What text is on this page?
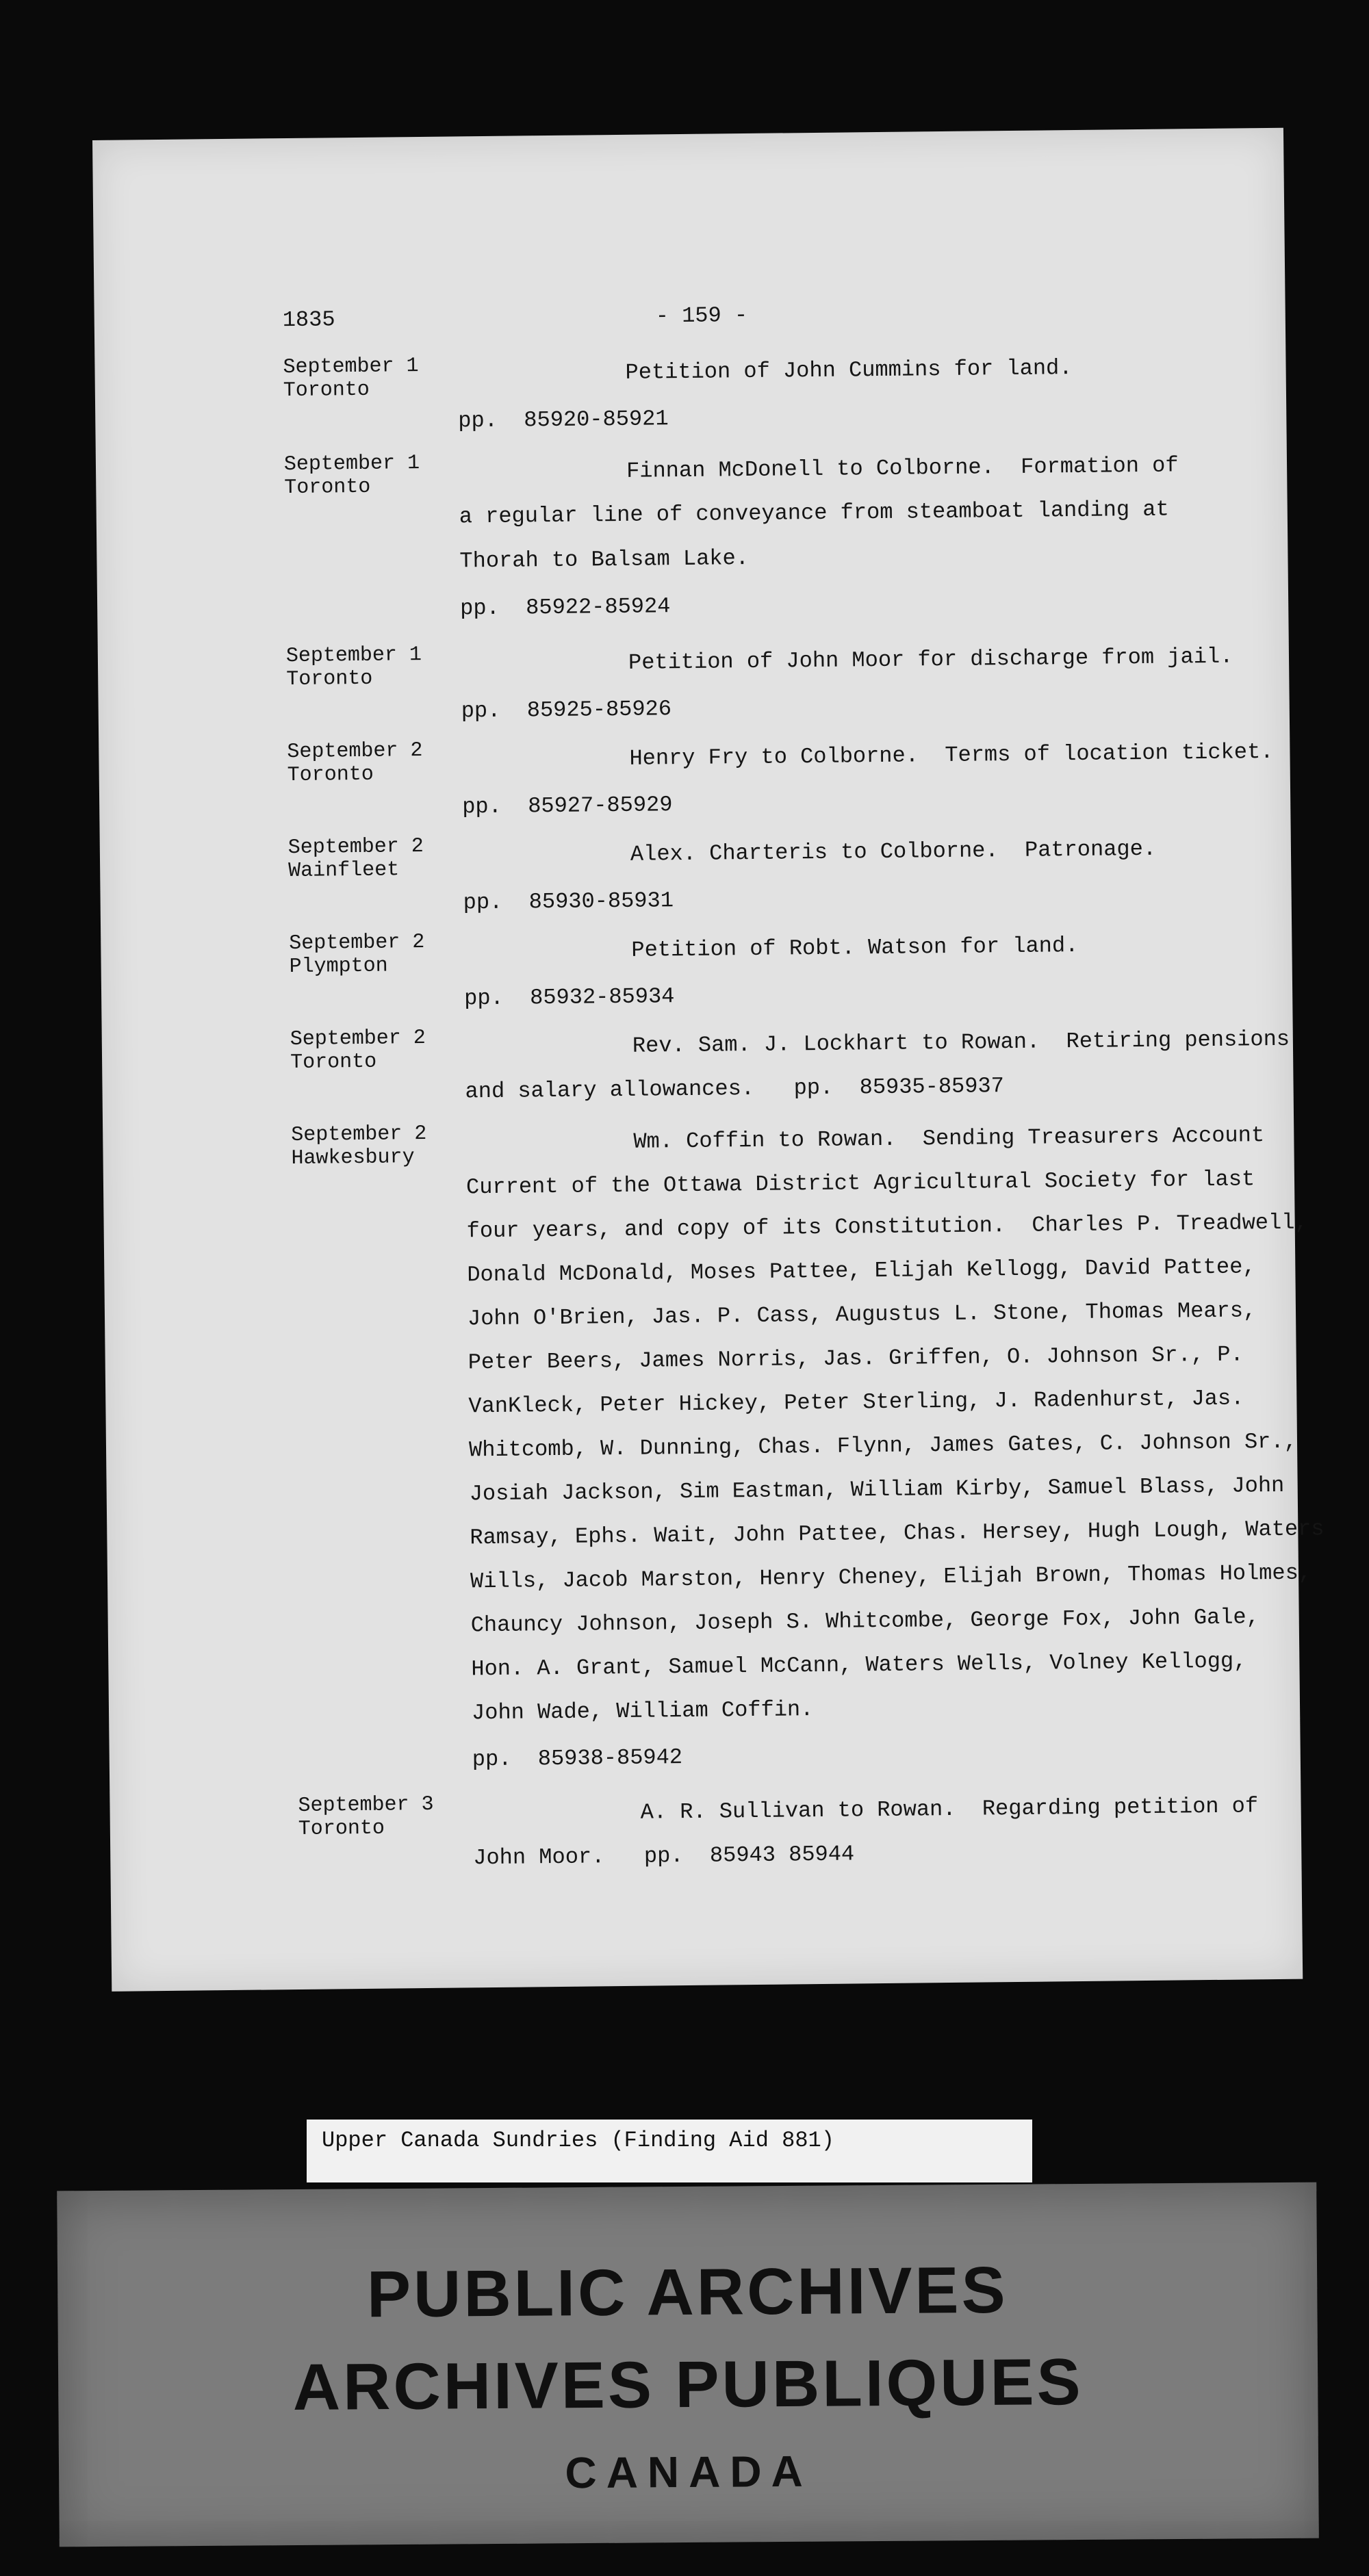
1835	- 159 -
September 1
Toronto
Petition of John Cummins for land.
pp.  85920-85921
September 1
Toronto
Finnan McDonell to Colborne.  Formation of
a regular line of conveyance from steamboat landing at
Thorah to Balsam Lake.
pp.  85922-85924
September 1
Toronto
Petition of John Moor for discharge from jail.
pp.  85925-85926
September 2
Toronto
Henry Fry to Colborne.  Terms of location ticket.
pp.  85927-85929
September 2
Wainfleet
Alex. Charteris to Colborne.  Patronage.
pp.  85930-85931
September 2
Plympton
Petition of Robt. Watson for land.
pp.  85932-85934
September 2
Toronto
Rev. Sam. J. Lockhart to Rowan.  Retiring pensions
and salary allowances.   pp.  85935-85937
September 2
Hawkesbury
Wm. Coffin to Rowan.  Sending Treasurers Account
Current of the Ottawa District Agricultural Society for last
four years, and copy of its Constitution.  Charles P. Treadwell,
Donald McDonald, Moses Pattee, Elijah Kellogg, David Pattee,
John O'Brien, Jas. P. Cass, Augustus L. Stone, Thomas Mears,
Peter Beers, James Norris, Jas. Griffen, O. Johnson Sr., P.
VanKleck, Peter Hickey, Peter Sterling, J. Radenhurst, Jas.
Whitcomb, W. Dunning, Chas. Flynn, James Gates, C. Johnson Sr.,
Josiah Jackson, Sim Eastman, William Kirby, Samuel Blass, John
Ramsay, Ephs. Wait, John Pattee, Chas. Hersey, Hugh Lough, Waters
Wills, Jacob Marston, Henry Cheney, Elijah Brown, Thomas Holmes,
Chauncy Johnson, Joseph S. Whitcombe, George Fox, John Gale,
Hon. A. Grant, Samuel McCann, Waters Wells, Volney Kellogg,
John Wade, William Coffin.
pp.  85938-85942
September 3
Toronto
A. R. Sullivan to Rowan.  Regarding petition of
John Moor.   pp.  85943 85944
Upper Canada Sundries (Finding Aid 881)
PUBLIC ARCHIVES
ARCHIVES PUBLIQUES
CANADA
